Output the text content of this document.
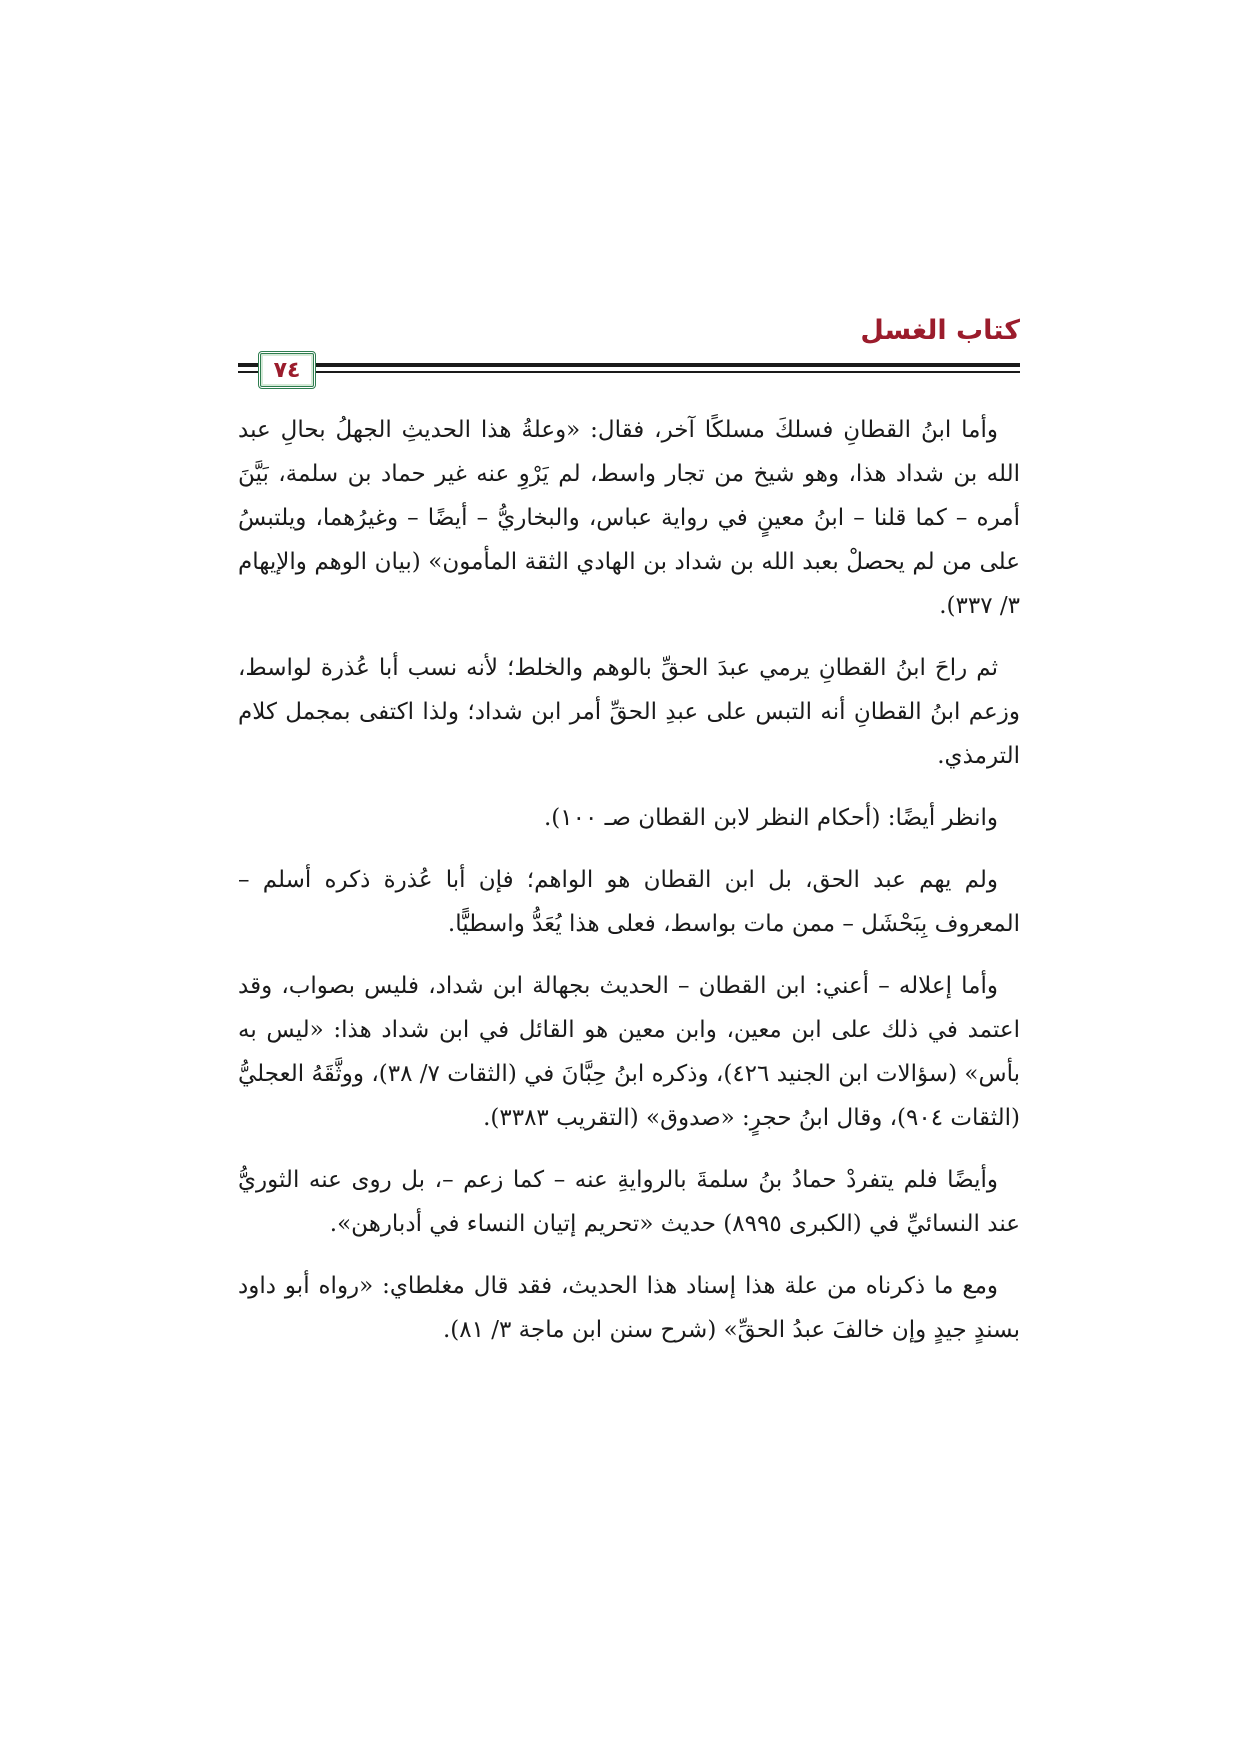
كتاب الغسل
٧٤

وأما ابنُ القطانِ فسلكَ مسلكًا آخر، فقال: «وعلةُ هذا الحديثِ الجهلُ بحالِ عبد الله بن شداد هذا، وهو شيخ من تجار واسط، لم يَرْوِ عنه غير حماد بن سلمة، بَيَّنَ أمره – كما قلنا – ابنُ معينٍ في رواية عباس، والبخاريُّ – أيضًا – وغيرُهما، ويلتبسُ على من لم يحصلْ بعبد الله بن شداد بن الهادي الثقة المأمون» (بيان الوهم والإيهام ٣/ ٣٣٧).

ثم راحَ ابنُ القطانِ يرمي عبدَ الحقِّ بالوهم والخلط؛ لأنه نسب أبا عُذرة لواسط، وزعم ابنُ القطانِ أنه التبس على عبدِ الحقِّ أمر ابن شداد؛ ولذا اكتفى بمجمل كلام الترمذي.

وانظر أيضًا: (أحكام النظر لابن القطان صـ ١٠٠).

ولم يهم عبد الحق، بل ابن القطان هو الواهم؛ فإن أبا عُذرة ذكره أسلم – المعروف بِبَحْشَل – ممن مات بواسط، فعلى هذا يُعَدُّ واسطيًّا.

وأما إعلاله – أعني: ابن القطان – الحديث بجهالة ابن شداد، فليس بصواب، وقد اعتمد في ذلك على ابن معين، وابن معين هو القائل في ابن شداد هذا: «ليس به بأس» (سؤالات ابن الجنيد ٤٢٦)، وذكره ابنُ حِبَّانَ في (الثقات ٧/ ٣٨)، ووثَّقَهُ العجليُّ (الثقات ٩٠٤)، وقال ابنُ حجرٍ: «صدوق» (التقريب ٣٣٨٣).

وأيضًا فلم يتفردْ حمادُ بنُ سلمةَ بالروايةِ عنه – كما زعم –، بل روى عنه الثوريُّ عند النسائيِّ في (الكبرى ٨٩٩٥) حديث «تحريم إتيان النساء في أدبارهن».

ومع ما ذكرناه من علة هذا إسناد هذا الحديث، فقد قال مغلطاي: «رواه أبو داود بسندٍ جيدٍ وإن خالفَ عبدُ الحقِّ» (شرح سنن ابن ماجة ٣/ ٨١).
